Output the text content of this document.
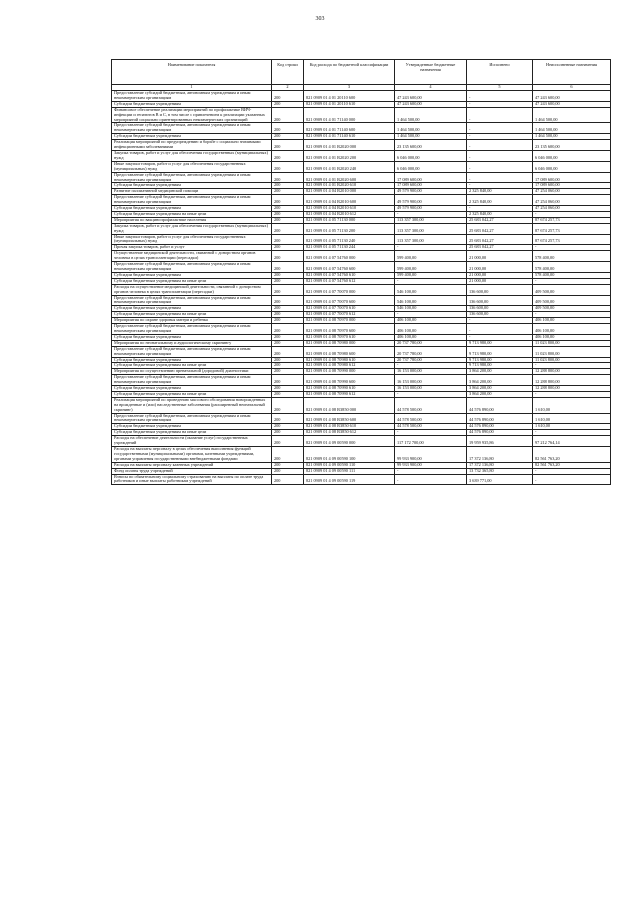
303
Наименование показателя	Код строки	Код расхода по бюджетной классификации	Утвержденные бюджетные назначения	Исполнено	Неисполненные назначения
1	2	3	4	5	6
Предоставление субсидий бюджетным, автономным учреждениям и иным некоммерческим организациям	200	821 0909 01 4 01 20110 600	47 243 600,00	-	47 243 600,00
Субсидии бюджетным учреждениям	200	821 0909 01 4 01 20110 610	47 243 600,00	-	47 243 600,00
Финансовое обеспечение реализации мероприятий по профилактике ВИЧ-инфекции и гепатитов В и С, в том числе с привлечением к реализации указанных мероприятий социально ориентированных некоммерческих организаций	200	821 0909 01 4 01 71140 000	1 464 500,00	-	1 464 500,00
Предоставление субсидий бюджетным, автономным учреждениям и иным некоммерческим организациям	200	821 0909 01 4 01 71140 600	1 464 500,00	-	1 464 500,00
Субсидии бюджетным учреждениям	200	821 0909 01 4 01 71140 610	1 464 500,00	-	1 464 500,00
Реализация мероприятий по предупреждению и борьбе с социально значимыми инфекционными заболеваниями	200	821 0909 01 4 01 R2020 000	23 135 600,00	-	23 135 600,00
Закупка товаров, работ и услуг для обеспечения государственных (муниципальных) нужд	200	821 0909 01 4 01 R2020 200	6 046 000,00	-	6 046 000,00
Иные закупки товаров, работ и услуг для обеспечения государственных (муниципальных) нужд	200	821 0909 01 4 01 R2020 240	6 046 000,00	-	6 046 000,00
Предоставление субсидий бюджетным, автономным учреждениям и иным некоммерческим организациям	200	821 0909 01 4 01 R2020 600	17 089 600,00	-	17 089 600,00
Субсидии бюджетным учреждениям	200	821 0909 01 4 01 R2020 610	17 089 600,00	-	17 089 600,00
Развитие паллиативной медицинской помощи	200	821 0909 01 4 04 R2010 000	49 579 900,00	2 325 840,00	47 254 060,00
Предоставление субсидий бюджетным, автономным учреждениям и иным некоммерческим организациям	200	821 0909 01 4 04 R2010 600	49 579 900,00	2 325 840,00	47 254 060,00
Субсидии бюджетным учреждениям	200	821 0909 01 4 04 R2010 610	49 579 900,00	-	47 254 060,00
Субсидии бюджетным учреждениям на иные цели	200	821 0909 01 4 04 R2010 612	-	2 325 840,00	-
Мероприятия по вакцинопрофилактике населения	200	821 0909 01 4 05 71130 000	113 357 300,00	25 683 042,27	87 674 257,73
Закупка товаров, работ и услуг для обеспечения государственных (муниципальных) нужд	200	821 0909 01 4 05 71130 200	113 357 300,00	25 683 042,27	87 674 257,73
Иные закупки товаров, работ и услуг для обеспечения государственных (муниципальных) нужд	200	821 0909 01 4 05 71130 240	113 357 300,00	25 683 042,27	87 674 257,73
Прочая закупка товаров, работ и услуг	200	821 0909 01 4 05 71130 244	-	25 683 042,27	-
Осуществление медицинской деятельности, связанной с донорством органов человека в целях трансплантации (пересадки)	200	821 0909 01 4 07 54760 000	599 400,00	21 000,00	578 400,00
Предоставление субсидий бюджетным, автономным учреждениям и иным некоммерческим организациям	200	821 0909 01 4 07 54760 600	599 400,00	21 000,00	578 400,00
Субсидии бюджетным учреждениям	200	821 0909 01 4 07 54760 610	599 400,00	21 000,00	578 400,00
Субсидии бюджетным учреждениям на иные цели	200	821 0909 01 4 07 54760 612	-	21 000,00	-
Расходы на осуществление медицинской деятельности, связанной с донорством органов человека в целях трансплантации (пересадки)	200	821 0909 01 4 07 70070 000	546 100,00	136 600,00	409 500,00
Предоставление субсидий бюджетным, автономным учреждениям и иным некоммерческим организациям	200	821 0909 01 4 07 70070 600	546 100,00	136 600,00	409 500,00
Субсидии бюджетным учреждениям	200	821 0909 01 4 07 70070 610	546 100,00	136 600,00	409 500,00
Субсидии бюджетным учреждениям на иные цели	200	821 0909 01 4 07 70070 612	-	136 600,00	-
Мероприятия по охране здоровья матери и ребенка	200	821 0909 01 4 08 70970 000	406 100,00	-	406 100,00
Предоставление субсидий бюджетным, автономным учреждениям и иным некоммерческим организациям	200	821 0909 01 4 08 70970 600	406 100,00	-	406 100,00
Субсидии бюджетным учреждениям	200	821 0909 01 4 08 70970 610	406 100,00	-	406 100,00
Мероприятия по неонатальному и аудиологическому скринингу	200	821 0909 01 4 08 70980 000	20 737 780,00	9 713 980,00	11 023 800,00
Предоставление субсидий бюджетным, автономным учреждениям и иным некоммерческим организациям	200	821 0909 01 4 08 70980 600	20 737 780,00	9 713 980,00	11 023 800,00
Субсидии бюджетным учреждениям	200	821 0909 01 4 08 70980 610	20 737 780,00	9 713 980,00	11 023 800,00
Субсидии бюджетным учреждениям на иные цели	200	821 0909 01 4 08 70980 612	-	9 713 980,00	-
Мероприятия по осуществлению пренатальной (дородовой) диагностики	200	821 0909 01 4 08 70990 000	16 153 000,00	3 864 200,00	12 288 800,00
Предоставление субсидий бюджетным, автономным учреждениям и иным некоммерческим организациям	200	821 0909 01 4 08 70990 600	16 153 000,00	3 864 200,00	12 288 800,00
Субсидии бюджетным учреждениям	200	821 0909 01 4 08 70990 610	16 153 000,00	3 864 200,00	12 288 800,00
Субсидии бюджетным учреждениям на иные цели	200	821 0909 01 4 08 70990 612	-	3 864 200,00	-
Реализация мероприятий по проведению массового обследования новорожденных на врожденные и (или) наследственные заболевания (расширенный неонатальный скрининг)	200	821 0909 01 4 08 R3850 000	44 578 500,00	44 576 890,00	1 610,00
Предоставление субсидий бюджетным, автономным учреждениям и иным некоммерческим организациям	200	821 0909 01 4 08 R3850 600	44 578 500,00	44 576 890,00	1 610,00
Субсидии бюджетным учреждениям	200	821 0909 01 4 08 R3850 610	44 578 500,00	44 576 890,00	1 610,00
Субсидии бюджетным учреждениям на иные цели	200	821 0909 01 4 08 R3850 612	-	44 576 890,00	-
Расходы на обеспечение деятельности (оказание услуг) государственных учреждений	200	821 0909 01 4 09 00590 000	117 172 700,00	19 959 935,86	97 212 764,14
Расходы на выплаты персоналу в целях обеспечения выполнения функций государственными (муниципальными) органами, казенными учреждениями, органами управления государственными внебюджетными фондами	200	821 0909 01 4 09 00590 100	99 933 900,00	17 372 136,80	82 561 763,20
Расходы на выплаты персоналу казенных учреждений	200	821 0909 01 4 09 00590 110	99 933 900,00	17 372 136,80	82 561 763,20
Фонд оплаты труда учреждений	200	821 0909 01 4 09 00590 111	-	13 732 365,80	-
Взносы по обязательному социальному страхованию на выплаты по оплате труда работников и иные выплаты работникам учреждений	200	821 0909 01 4 09 00590 119	-	3 639 771,00	-
